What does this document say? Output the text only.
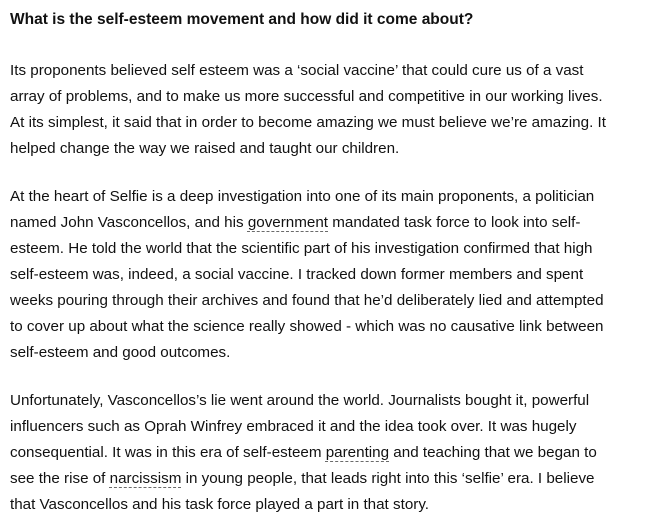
What is the self-esteem movement and how did it come about?
Its proponents believed self esteem was a ‘social vaccine’ that could cure us of a vast
array of problems, and to make us more successful and competitive in our working lives.
At its simplest, it said that in order to become amazing we must believe we’re amazing. It
helped change the way we raised and taught our children.
At the heart of Selfie is a deep investigation into one of its main proponents, a politician
named John Vasconcellos, and his government mandated task force to look into self-
esteem. He told the world that the scientific part of his investigation confirmed that high
self-esteem was, indeed, a social vaccine. I tracked down former members and spent
weeks pouring through their archives and found that he’d deliberately lied and attempted
to cover up about what the science really showed - which was no causative link between
self-esteem and good outcomes.
Unfortunately, Vasconcellos’s lie went around the world. Journalists bought it, powerful
influencers such as Oprah Winfrey embraced it and the idea took over. It was hugely
consequential. It was in this era of self-esteem parenting and teaching that we began to
see the rise of narcissism in young people, that leads right into this ‘selfie’ era. I believe
that Vasconcellos and his task force played a part in that story.
